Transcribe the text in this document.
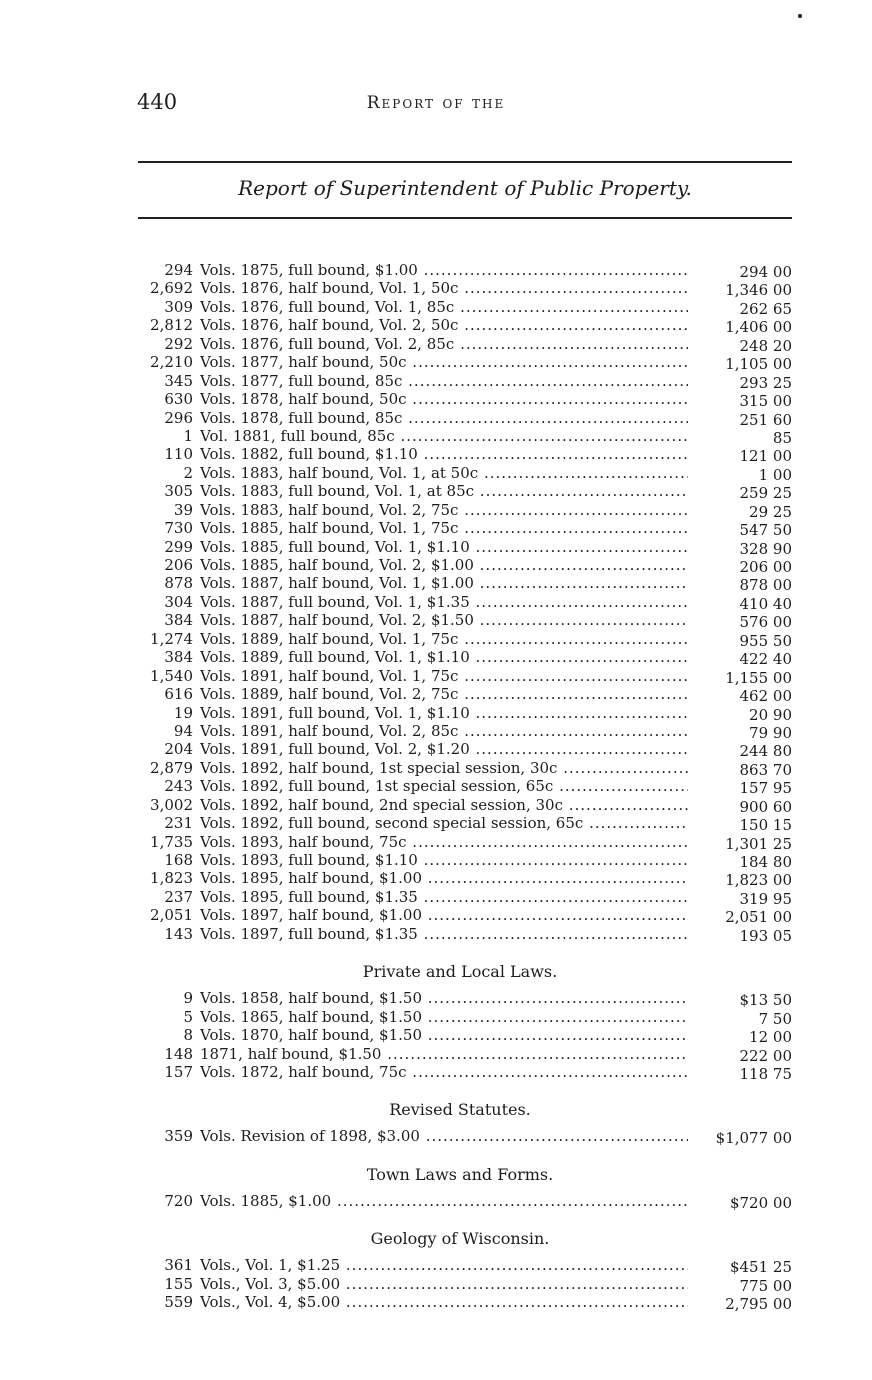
440	Report of the
Report of Superintendent of Public Property.
294 Vols. 1875, full bound, $1.00 .....	294 00
2,692 Vols. 1876, half bound, Vol. 1, 50c .....	1,346 00
309 Vols. 1876, full bound, Vol. 1, 85c .....	262 65
2,812 Vols. 1876, half bound, Vol. 2, 50c .....	1,406 00
292 Vols. 1876, full bound, Vol. 2, 85c .....	248 20
2,210 Vols. 1877, half bound, 50c .....	1,105 00
345 Vols. 1877, full bound, 85c .....	293 25
630 Vols. 1878, half bound, 50c .....	315 00
296 Vols. 1878, full bound, 85c .....	251 60
1 Vol. 1881, full bound, 85c .....	85
110 Vols. 1882, full bound, $1.10 .....	121 00
2 Vols. 1883, half bound, Vol. 1, at 50c .....	1 00
305 Vols. 1883, full bound, Vol. 1, at 85c .....	259 25
39 Vols. 1883, half bound, Vol. 2, 75c .....	29 25
730 Vols. 1885, half bound, Vol. 1, 75c .....	547 50
299 Vols. 1885, full bound, Vol. 1, $1.10 .....	328 90
206 Vols. 1885, half bound, Vol. 2, $1.00 .....	206 00
878 Vols. 1887, half bound, Vol. 1, $1.00 .....	878 00
304 Vols. 1887, full bound, Vol. 1, $1.35 .....	410 40
384 Vols. 1887, half bound, Vol. 2, $1.50 .....	576 00
1,274 Vols. 1889, half bound, Vol. 1, 75c .....	955 50
384 Vols. 1889, full bound, Vol. 1, $1.10 .....	422 40
1,540 Vols. 1891, half bound, Vol. 1, 75c .....	1,155 00
616 Vols. 1889, half bound, Vol. 2, 75c .....	462 00
19 Vols. 1891, full bound, Vol. 1, $1.10 .....	20 90
94 Vols. 1891, half bound, Vol. 2, 85c .....	79 90
204 Vols. 1891, full bound, Vol. 2, $1.20 .....	244 80
2,879 Vols. 1892, half bound, 1st special session, 30c .....	863 70
243 Vols. 1892, full bound, 1st special session, 65c .....	157 95
3,002 Vols. 1892, half bound, 2nd special session, 30c .....	900 60
231 Vols. 1892, full bound, second special session, 65c .....	150 15
1,735 Vols. 1893, half bound, 75c .....	1,301 25
168 Vols. 1893, full bound, $1.10 .....	184 80
1,823 Vols. 1895, half bound, $1.00 .....	1,823 00
237 Vols. 1895, full bound, $1.35 .....	319 95
2,051 Vols. 1897, half bound, $1.00 .....	2,051 00
143 Vols. 1897, full bound, $1.35 .....	193 05
Private and Local Laws.
9 Vols. 1858, half bound, $1.50 .....	$13 50
5 Vols. 1865, half bound, $1.50 .....	7 50
8 Vols. 1870, half bound, $1.50 .....	12 00
148 1871, half bound, $1.50 .....	222 00
157 Vols. 1872, half bound, 75c .....	118 75
Revised Statutes.
359 Vols. Revision of 1898, $3.00 .....	$1,077 00
Town Laws and Forms.
720 Vols. 1885, $1.00 .....	$720 00
Geology of Wisconsin.
361 Vols., Vol. 1, $1.25 .....	$451 25
155 Vols., Vol. 3, $5.00 .....	775 00
559 Vols., Vol. 4, $5.00 .....	2,795 00
